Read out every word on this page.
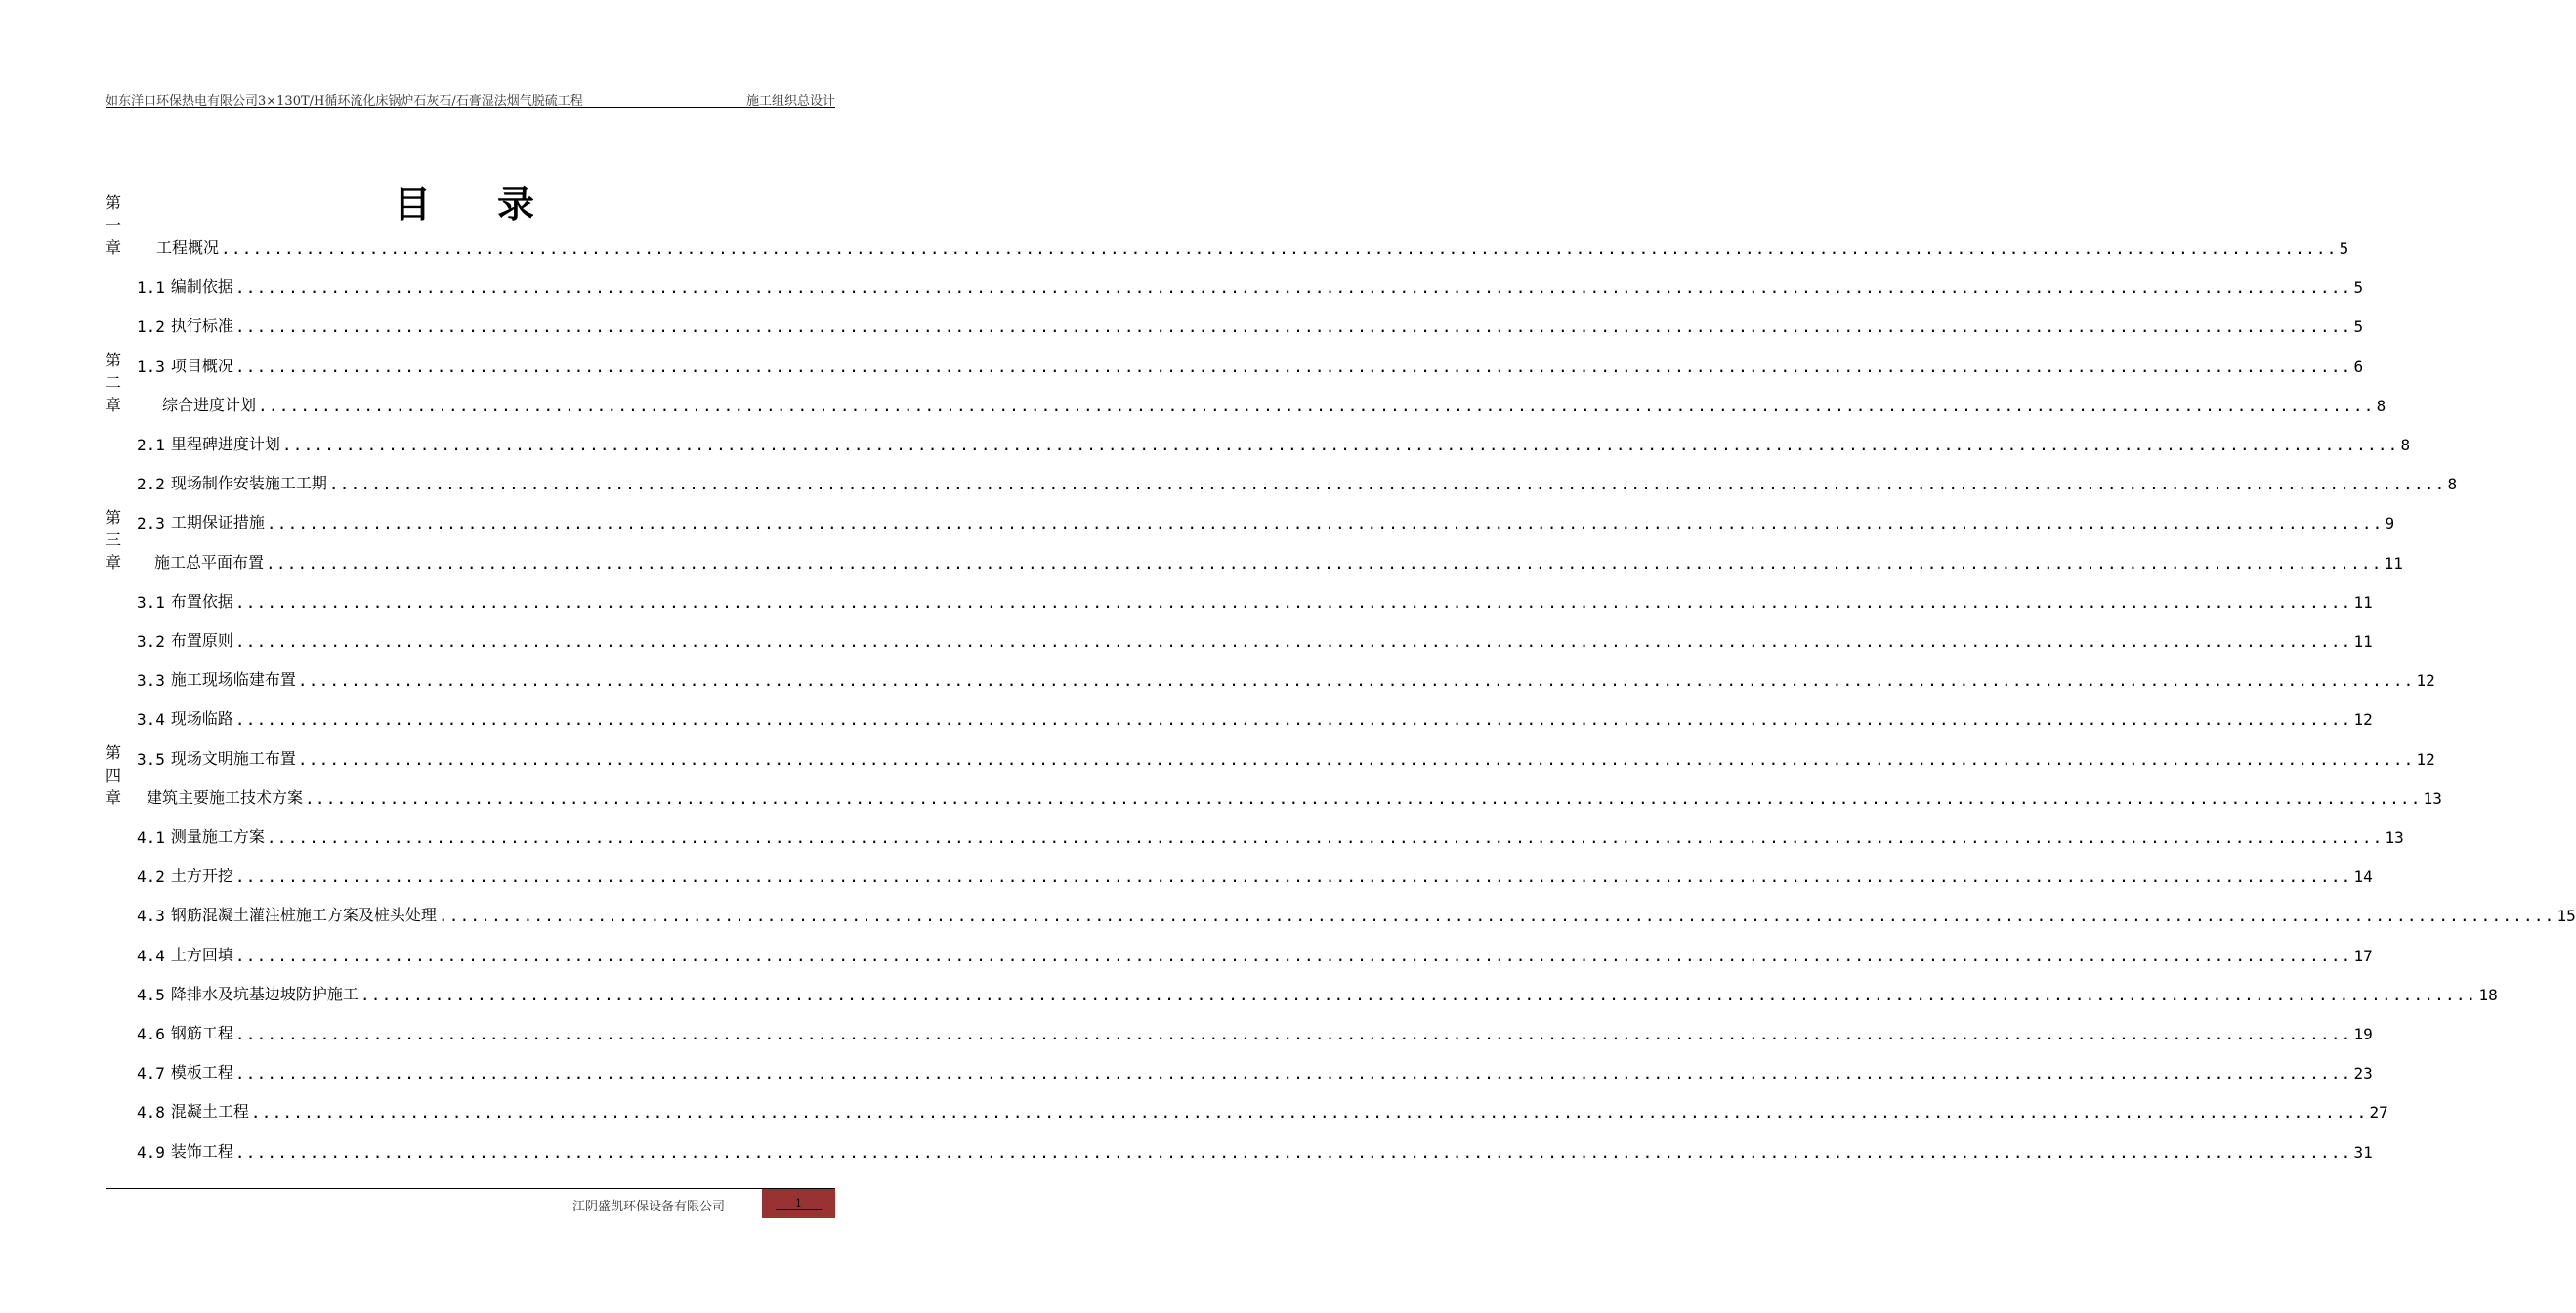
如东洋口环保热电有限公司3×130T/H循环流化床锅炉石灰石/石膏湿法烟气脱硫工程	施工组织总设计
目 录
第一章 工程概况 ........................................................................................................................................................................................................ 5
1.1 编制依据 ........................................................................................................................................................................................................ 5
1.2 执行标准 ........................................................................................................................................................................................................ 5
1.3 项目概况 ........................................................................................................................................................................................................ 6
第二章	综合进度计划 ........................................................................................................................................................................................................ 8
2.1 里程碑进度计划 ........................................................................................................................................................................................................ 8
2.2 现场制作安装施工工期 ........................................................................................................................................................................................................ 8
2.3 工期保证措施 ........................................................................................................................................................................................................ 9
第三章 施工总平面布置 ........................................................................................................................................................................................................ 11
3.1 布置依据 ........................................................................................................................................................................................................ 11
3.2 布置原则 ........................................................................................................................................................................................................ 11
3.3 施工现场临建布置 ........................................................................................................................................................................................................ 12
3.4 现场临路 ........................................................................................................................................................................................................ 12
3.5 现场文明施工布置 ........................................................................................................................................................................................................ 12
第四章 建筑主要施工技术方案 ........................................................................................................................................................................................................ 13
4.1 测量施工方案 ........................................................................................................................................................................................................ 13
4.2 土方开挖 ........................................................................................................................................................................................................ 14
4.3 钢筋混凝土灌注桩施工方案及桩头处理 ........................................................................................................................................................................................................ 15
4.4 土方回填 ........................................................................................................................................................................................................ 17
4.5 降排水及坑基边坡防护施工 ........................................................................................................................................................................................................ 18
4.6 钢筋工程 ........................................................................................................................................................................................................ 19
4.7 模板工程 ........................................................................................................................................................................................................ 23
4.8 混凝土工程 ........................................................................................................................................................................................................ 27
4.9 装饰工程 ........................................................................................................................................................................................................ 31
江阴盛凯环保设备有限公司	1
